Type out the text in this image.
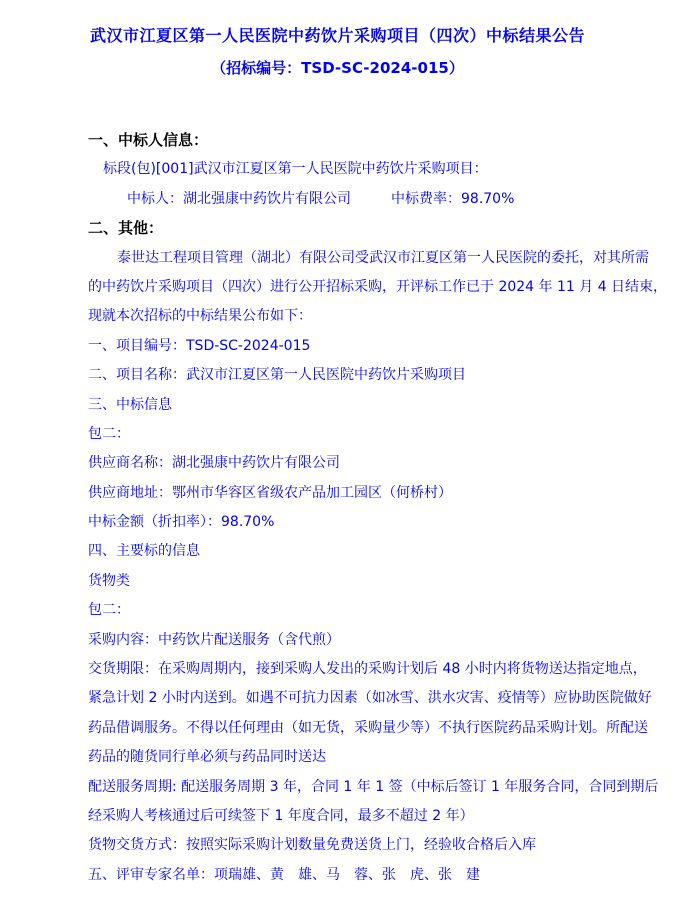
武汉市江夏区第一人民医院中药饮片采购项目（四次）中标结果公告
（招标编号：TSD-SC-2024-015）
一、中标人信息：
标段(包)[001]武汉市江夏区第一人民医院中药饮片采购项目：
中标人：湖北强康中药饮片有限公司	中标费率：98.70%
二、其他：
泰世达工程项目管理（湖北）有限公司受武汉市江夏区第一人民医院的委托，对其所需
的中药饮片采购项目（四次）进行公开招标采购，开评标工作已于 2024 年 11 月 4 日结束，
现就本次招标的中标结果公布如下：
一、项目编号：TSD-SC-2024-015
二、项目名称：武汉市江夏区第一人民医院中药饮片采购项目
三、中标信息
包二：
供应商名称：湖北强康中药饮片有限公司
供应商地址：鄂州市华容区省级农产品加工园区（何桥村）
中标金额（折扣率）：98.70%
四、主要标的信息
货物类
包二：
采购内容：中药饮片配送服务（含代煎）
交货期限：在采购周期内，接到采购人发出的采购计划后 48 小时内将货物送达指定地点，
紧急计划 2 小时内送到。如遇不可抗力因素（如冰雪、洪水灾害、疫情等）应协助医院做好
药品借调服务。不得以任何理由（如无货，采购量少等）不执行医院药品采购计划。所配送
药品的随货同行单必须与药品同时送达
配送服务周期: 配送服务周期 3 年，合同 1 年 1 签（中标后签订 1 年服务合同，合同到期后
经采购人考核通过后可续签下 1 年度合同，最多不超过 2 年）
货物交货方式：按照实际采购计划数量免费送货上门，经验收合格后入库
五、评审专家名单：项瑞雄、黄　雄、马　蓉、张　虎、张　建
